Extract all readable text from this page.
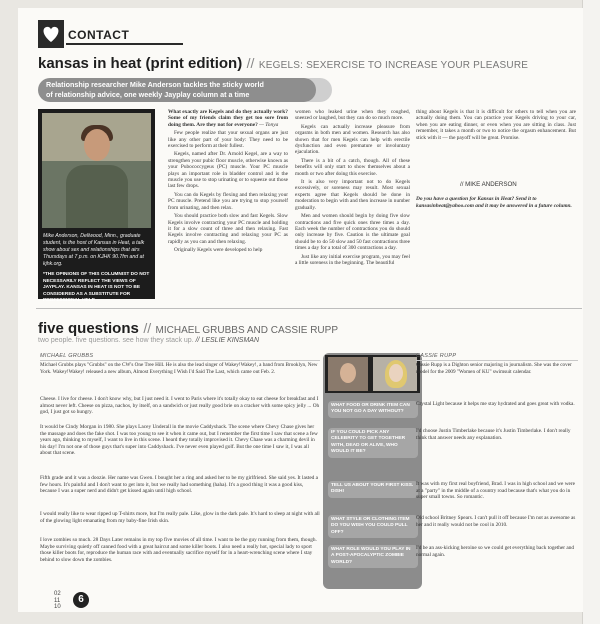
CONTACT
kansas in heat (print edition) // KEGELS: SEXERCISE TO INCREASE YOUR PLEASURE
Relationship researcher Mike Anderson tackles the sticky world
of relationship advice, one weekly Jayplay column at a time
Mike Anderson, Dellwood, Minn., graduate student, is the host of Kansas in Heat, a talk show about sex and relationships that airs Thursdays at 7 p.m. on KJHK 90.7fm and at kjhk.org.
*THE OPINIONS OF THIS COLUMNIST DO NOT NECESSARILY REFLECT THE VIEWS OF JAYPLAY. KANSAS IN HEAT IS NOT TO BE CONSIDERED AS A SUBSTITUTE FOR PROFESSIONAL HELP

What exactly are Kegels and do they actually work? Some of my friends claim they get too sore from doing them. Are they not for everyone? — Tonya

Few people realize that your sexual organs are just like any other part of your body: They need to be exercised to perform at their fullest.

Kegels, named after Dr. Arnold Kegel, are a way to strengthen your pubic floor muscle, otherwise known as your Pubococcygeus (PC) muscle. Your PC muscle plays an important role in bladder control and is the muscle you use to stop urinating or to squeeze out those last few drops.

You can do Kegels by flexing and then relaxing your PC muscle. Pretend like you are trying to stop yourself from urinating, and then relax.

You should practice both slow and fast Kegels. Slow Kegels involve contracting your PC muscle and holding it for a slow count of three and then relaxing. Fast Kegels involve contracting and relaxing your PC as rapidly as you can and then relaxing.

Originally Kegels were developed to help

women who leaked urine when they coughed, sneezed or laughed, but they can do so much more.

Kegels can actually increase pleasure from orgasms in both men and women. Research has also shown that for men Kegels can help with erectile dysfunction and even premature or involuntary ejaculation.

There is a bit of a catch, though. All of these benefits will only start to show themselves about a month or two after doing this exercise.

It is also very important not to do Kegels excessively, or soreness may result. Most sexual experts agree that Kegels should be done in moderation to begin with and then increase in number gradually.

Men and women should begin by doing five slow contractions and five quick ones three times a day. Each week the number of contractions you do should only increase by five. Caution is the ultimate goal should be to do 50 slow and 50 fast contractions three times a day for a total of 300 contractions a day.

Just like any initial exercise program, you may feel a little soreness in the beginning. The beautiful

thing about Kegels is that it is difficult for others to tell when you are actually doing them. You can practice your Kegels driving to your car, when you are eating dinner, or even when you are sitting in class. Just remember, it takes a month or two to notice the orgasm enhancement. But stick with it — the payoff will be great. Promise.

// MIKE ANDERSON
Do you have a question for Kansas in Heat? Send it to kansasinheat@yahoo.com and it may be answered in a future column.
five questions // MICHAEL GRUBBS AND CASSIE RUPP
two people. five questions. see how they stack up. // LESLIE KINSMAN
MICHAEL GRUBBS
Michael Grubbs plays "Grubbs" on the CW's One Tree Hill. He is also the lead singer of Wakey!Wakey!, a band from Brooklyn, New York. Wakey!Wakey! released a new album, Almost Everything I Wish I'd Said The Last, which came out Feb. 2.
Cheese. I live for cheese. I don't know why, but I just need it. I went to Paris where it's totally okay to eat cheese for breakfast and I almost never left. Cheese on pizza, nachos, by itself, on a sandwich or just really good brie on a cracker with some spicy jelly ... Oh god, I just got so hungry.
It would be Cindy Morgan in 1980. She plays Lacey Underall in the movie Caddyshack. The scene where Chevy Chase gives her the massage and does the fake shot. I was too young to see it when it came out, but I remember the first time I saw that scene a few years ago, thinking to myself, I want to live in this scene. I heard they totally improvised it. Chevy Chase was a charming devil in his day! I'm not one of those guys that's super into Caddyshack. I've never even played golf. But the one time I saw it, I was all about that scene.
Fifth grade and it was a doozie. Her name was Gwen. I bought her a ring and asked her to be my girlfriend. She said yes. It lasted a few hours. It's painful and I don't want to get into it, but we really had something (haha). It's a good thing it was a good kiss, because I was a super nerd and didn't get kissed again until high school.
I would really like to wear ripped up T-shirts more, but I'm really pale. Like, glow in the dark pale. It's hard to sleep at night with all of the glowing light emanating from my baby-fine Irish skin.
I love zombies so much. 28 Days Later remains in my top five movies of all time. I want to be the guy running from them, though. Maybe surviving quietly off canned food with a great haircut and some killer boots. I also need a really hot, special lady to sport those killer boots for, reproduce the human race with and eventually sacrifice myself for in a heart-wrenching scene where I stay behind to slow down the zombies.
WHAT FOOD OR DRINK ITEM CAN YOU NOT GO A DAY WITHOUT?
IF YOU COULD PICK ANY CELEBRITY TO GET TOGETHER WITH, DEAD OR ALIVE, WHO WOULD IT BE?
TELL US ABOUT YOUR FIRST KISS. DISH!
WHAT STYLE OR CLOTHING ITEM DO YOU WISH YOU COULD PULL OFF?
WHAT ROLE WOULD YOU PLAY IN A POST-APOCALYPTIC ZOMBIE WORLD?
CASSIE RUPP
Cassie Rupp is a Dighton senior majoring in journalism. She was the cover model for the 2009 "Women of KU" swimsuit calendar.
Crystal Light because it helps me stay hydrated and goes great with vodka.
I'd choose Justin Timberlake because it's Justin Timberlake. I don't really think that answer needs any explanation.
It was with my first real boyfriend, Brad. I was in high school and we were at a "party" in the middle of a country road because that's what you do in super small towns. So romantic.
Old school Britney Spears. I can't pull it off because I'm not as awesome as her and it really would not be cool in 2010.
I'd be an ass-kicking heroine so we could get everything back together and normal again.
02
11
10
6
